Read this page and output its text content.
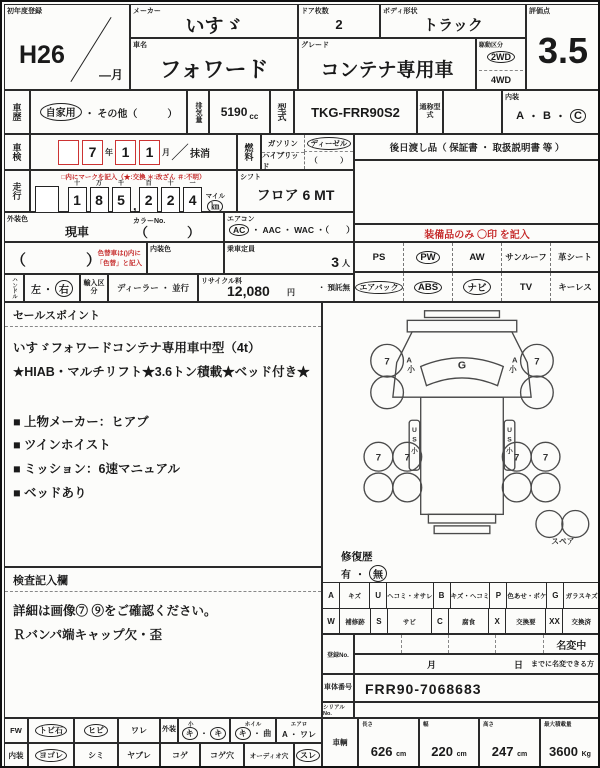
初年度登録
H26
―月
メーカー
いすゞ
車名
フォワード
ドア枚数
2
ボディ形状
トラック
グレード
コンテナ専用車
駆動区分
2WD
4WD
評価点
3.5
車歴	自家用 ・ その他（　　　）	排気量	5190 cc	型式	TKG-FRR90S2	通称型式
内装
A ・ B ・ C
車検	7	年 1	1	月 ／ 抹消	燃料	ガソリン	ディーゼル
ハイブリッド
（　　　）
後日渡し品（ 保証書 ・ 取扱説明書 等 ）
走行
□内にマークを記入（★:交換 ＊:改ざん ＃:不明）
十
1
万
8
千
5 ,
百
2
十
2
一
4	マイル
㎞
シフト
フロア 6 MT
外装色
現車
カラーNo.
（　　　）
エアコン
AC ・ AAC ・ WAC ・（　　）
（　　　　）
色替車は()内に
「色替」と記入
内装色	乗車定員
3 人
ハンドル	左 ・ 右
輸入区分	ディーラー ・ 並行
リサイクル料
12,080 円
・ 預託無
装備品のみ 〇印 を記入
PS	PW	AW	サンルーフ	革シート
エアバック	ABS	ナビ	TV	キーレス
セールスポイント
いすゞフォワードコンテナ専用車中型（4t）
★HIAB・マルチリフト★3.6トン積載★ベッド付き★
■ 上物メーカー：ヒアブ
■ ツインホイスト
■ ミッション：6速マニュアル
■ ベッドあり
検査記入欄
詳細は画像⑦ ⑨をご確認ください。
Ｒバンパ端キャップ欠・歪
G
A
小
A
小
7	7
7 7	7 7
U S 小
U S 小
スペア
修復歴
有 ・ 無
A	キズ	U ヘコミ・オサレ B キズ・ヘコミ P 色あせ・ボケ G	ガラスキズ
W	補修跡	S	サビ	C	腐食	X	交換要	XX	交換済
登録No.
名変中
月	日 までに名変できる方
車体番号 FRR90-7068683
シリアルNo.
FW	トビ石	ヒビ	ワレ	外装
小
キ ・ キ
ホイル
キ ・ 曲
エアロ
A ・ ワレ
内装	ヨゴレ	シミ	ヤブレ	コゲ	コゲ穴	オーディオ穴	スレ
車輌
長さ
626 cm
幅
220 cm
高さ
247 cm
最大積載量
3600 Kg
